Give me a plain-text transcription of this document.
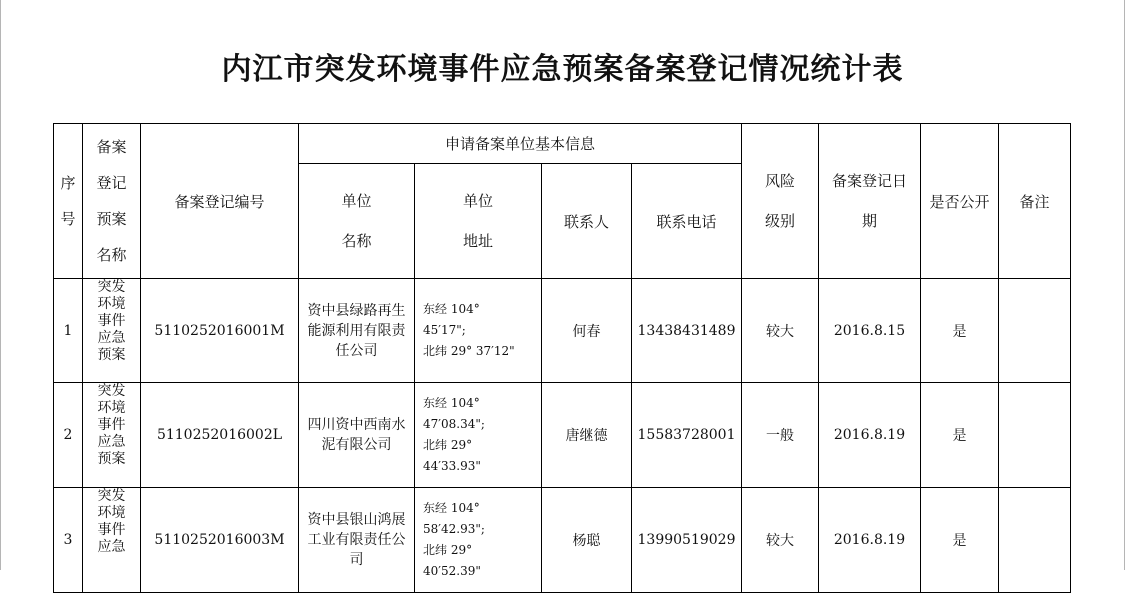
内江市突发环境事件应急预案备案登记情况统计表
序
号	备案
登记
预案
名称	备案登记编号	申请备案单位基本信息				风险
级别	备案登记日
期	是否公开	备注

			单位
名称	单位
地址	联系人	联系电话				
1	突发
环境
事件
应急
预案	5110252016001M	资中县绿路再生能源利用有限责任公司	东经 104°
45′17";
北纬 29° 37′12"	何春	13438431489	较大	2016.8.15	是	
2	突发
环境
事件
应急
预案	5110252016002L	四川资中西南水泥有限公司	东经 104°
47′08.34";
北纬 29°
44′33.93"	唐继德	15583728001	一般	2016.8.19	是	
3	突发
环境
事件
应急	5110252016003M	资中县银山鸿展工业有限责任公司	东经 104°
58′42.93";
北纬 29°
40′52.39"	杨聪	13990519029	较大	2016.8.19	是	
